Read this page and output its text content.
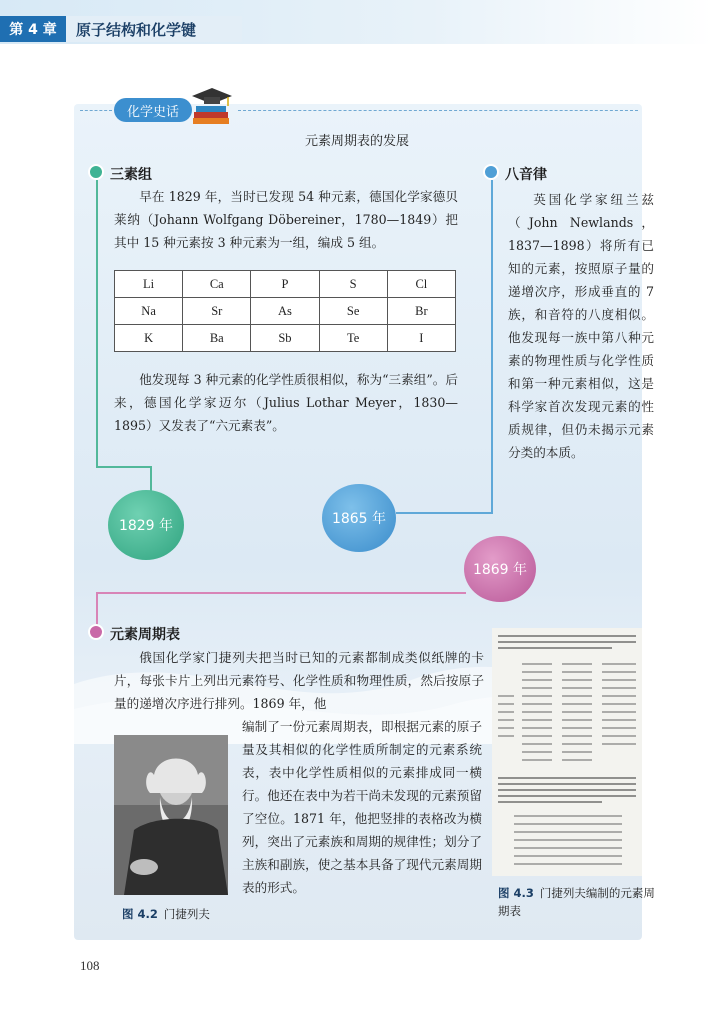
第 4 章	原子结构和化学键
化学史话
元素周期表的发展
三素组
早在 1829 年，当时已发现 54 种元素，德国化学家德贝莱纳（Johann Wolfgang Döbereiner，1780—1849）把其中 15 种元素按 3 种元素为一组，编成 5 组。
Li	Ca	P	S	Cl
Na	Sr	As	Se	Br
K	Ba	Sb	Te	I
他发现每 3 种元素的化学性质很相似，称为“三素组”。后来，德国化学家迈尔（Julius Lothar Meyer，1830—1895）又发表了“六元素表”。
八音律
英国化学家纽兰兹（John Newlands，1837—1898）将所有已知的元素，按照原子量的递增次序，形成垂直的 7 族，和音符的八度相似。他发现每一族中第八种元素的物理性质与化学性质和第一种元素相似，这是科学家首次发现元素的性质规律，但仍未揭示元素分类的本质。
1829 年	1865 年
1869 年
元素周期表
俄国化学家门捷列夫把当时已知的元素都制成类似纸牌的卡片，每张卡片上列出元素符号、化学性质和物理性质，然后按原子量的递增次序进行排列。1869 年，他
编制了一份元素周期表，即根据元素的原子量及其相似的化学性质所制定的元素系统表，表中化学性质相似的元素排成同一横行。他还在表中为若干尚未发现的元素预留了空位。1871 年，他把竖排的表格改为横列，突出了元素族和周期的规律性；划分了主族和副族，使之基本具备了现代元素周期表的形式。
图 4.2 门捷列夫
图 4.3 门捷列夫编制的元素周期表
108
